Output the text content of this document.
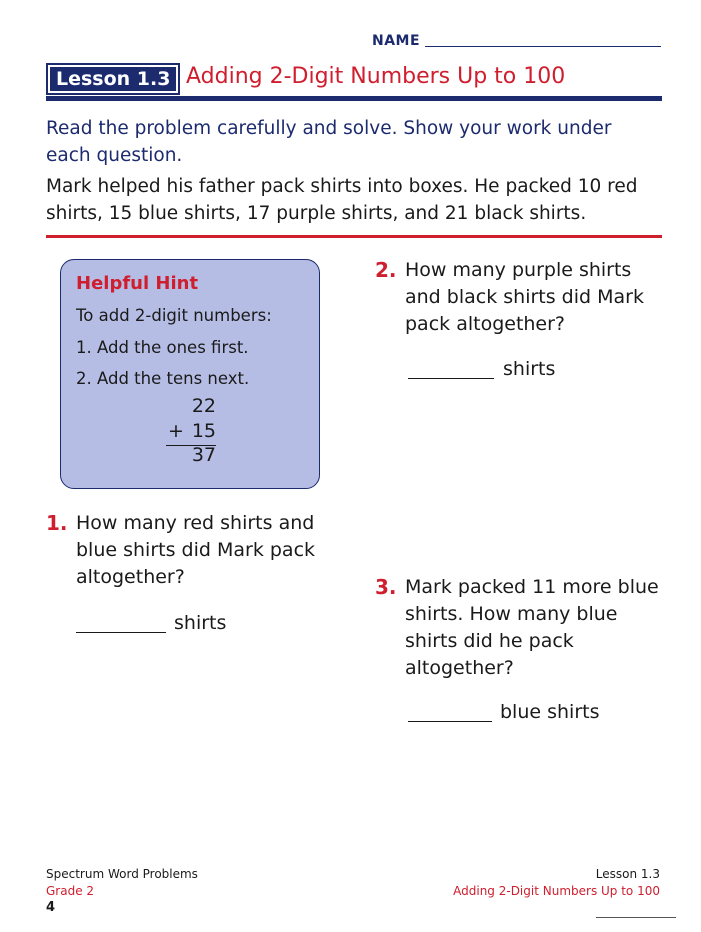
NAME
Lesson 1.3 Adding 2-Digit Numbers Up to 100
Read the problem carefully and solve. Show your work under each question.
Mark helped his father pack shirts into boxes. He packed 10 red shirts, 15 blue shirts, 17 purple shirts, and 21 black shirts.
Helpful Hint
To add 2-digit numbers:
1. Add the ones first.
2. Add the tens next.
22
+ 15
37
1. How many red shirts and blue shirts did Mark pack altogether?
shirts
2. How many purple shirts and black shirts did Mark pack altogether?
shirts
3. Mark packed 11 more blue shirts. How many blue shirts did he pack altogether?
blue shirts
Spectrum Word Problems
Grade 2
4
Lesson 1.3
Adding 2-Digit Numbers Up to 100
